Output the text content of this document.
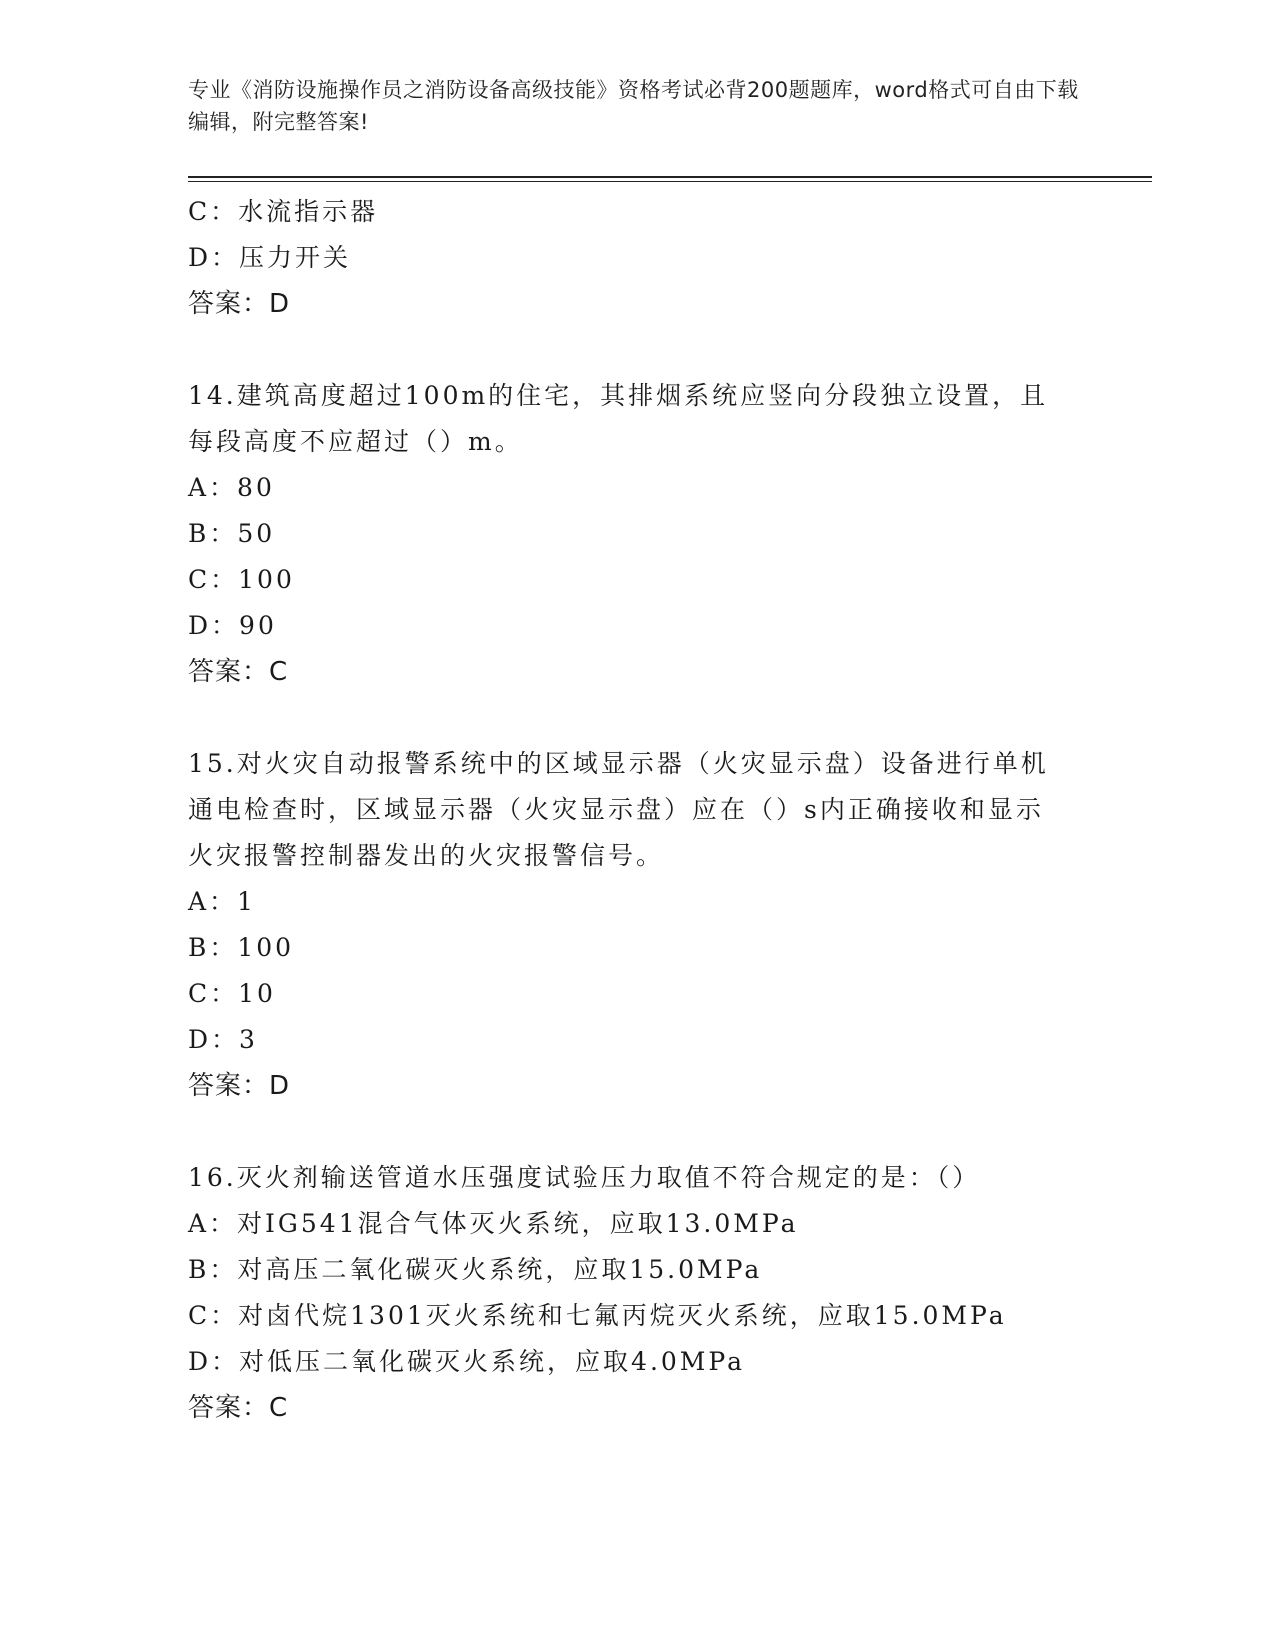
专业《消防设施操作员之消防设备高级技能》资格考试必背200题题库，word格式可自由下载编辑，附完整答案!
C：水流指示器
D：压力开关
答案：D
14.建筑高度超过100m的住宅，其排烟系统应竖向分段独立设置，且每段高度不应超过（）m。
A：80
B：50
C：100
D：90
答案：C
15.对火灾自动报警系统中的区域显示器（火灾显示盘）设备进行单机通电检查时，区域显示器（火灾显示盘）应在（）s内正确接收和显示火灾报警控制器发出的火灾报警信号。
A：1
B：100
C：10
D：3
答案：D
16.灭火剂输送管道水压强度试验压力取值不符合规定的是：（）
A：对IG541混合气体灭火系统，应取13.0MPa
B：对高压二氧化碳灭火系统，应取15.0MPa
C：对卤代烷1301灭火系统和七氟丙烷灭火系统，应取15.0MPa
D：对低压二氧化碳灭火系统，应取4.0MPa
答案：C
